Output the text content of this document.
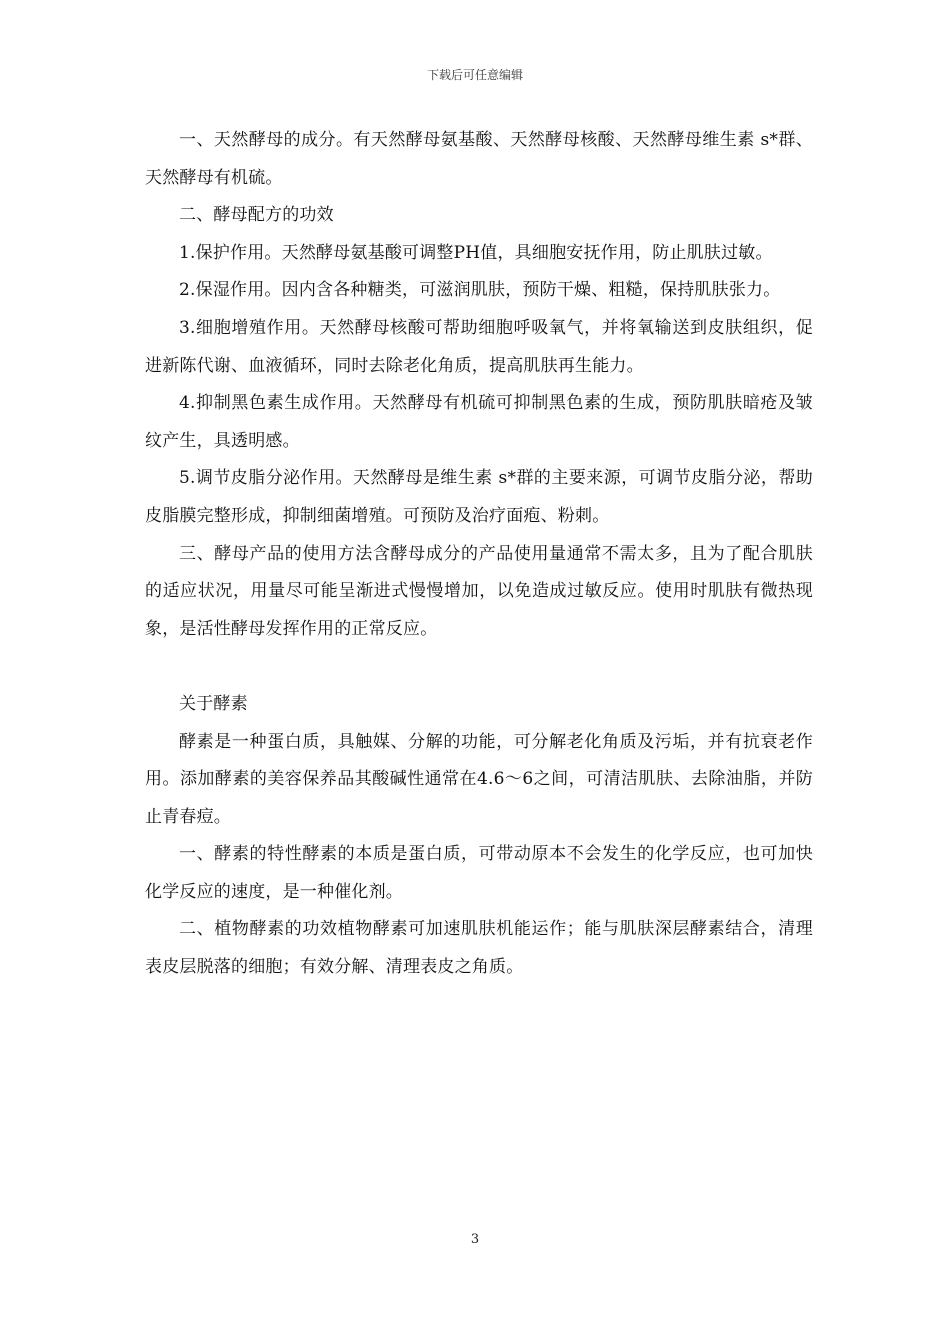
下载后可任意编辑

一、天然酵母的成分。有天然酵母氨基酸、天然酵母核酸、天然酵母维生素 s*群、天然酵母有机硫。

二、酵母配方的功效

1.保护作用。天然酵母氨基酸可调整PH值，具细胞安抚作用，防止肌肤过敏。

2.保湿作用。因内含各种糖类，可滋润肌肤，预防干燥、粗糙，保持肌肤张力。

3.细胞增殖作用。天然酵母核酸可帮助细胞呼吸氧气，并将氧输送到皮肤组织，促进新陈代谢、血液循环，同时去除老化角质，提高肌肤再生能力。

4.抑制黑色素生成作用。天然酵母有机硫可抑制黑色素的生成，预防肌肤暗疮及皱纹产生，具透明感。

5.调节皮脂分泌作用。天然酵母是维生素 s*群的主要来源，可调节皮脂分泌，帮助皮脂膜完整形成，抑制细菌增殖。可预防及治疗面疱、粉刺。

三、酵母产品的使用方法含酵母成分的产品使用量通常不需太多，且为了配合肌肤的适应状况，用量尽可能呈渐进式慢慢增加，以免造成过敏反应。使用时肌肤有微热现象，是活性酵母发挥作用的正常反应。

关于酵素

酵素是一种蛋白质，具触媒、分解的功能，可分解老化角质及污垢，并有抗衰老作用。添加酵素的美容保养品其酸碱性通常在4.6～6之间，可清洁肌肤、去除油脂，并防止青春痘。

一、酵素的特性酵素的本质是蛋白质，可带动原本不会发生的化学反应，也可加快化学反应的速度，是一种催化剂。

二、植物酵素的功效植物酵素可加速肌肤机能运作；能与肌肤深层酵素结合，清理表皮层脱落的细胞；有效分解、清理表皮之角质。

3
